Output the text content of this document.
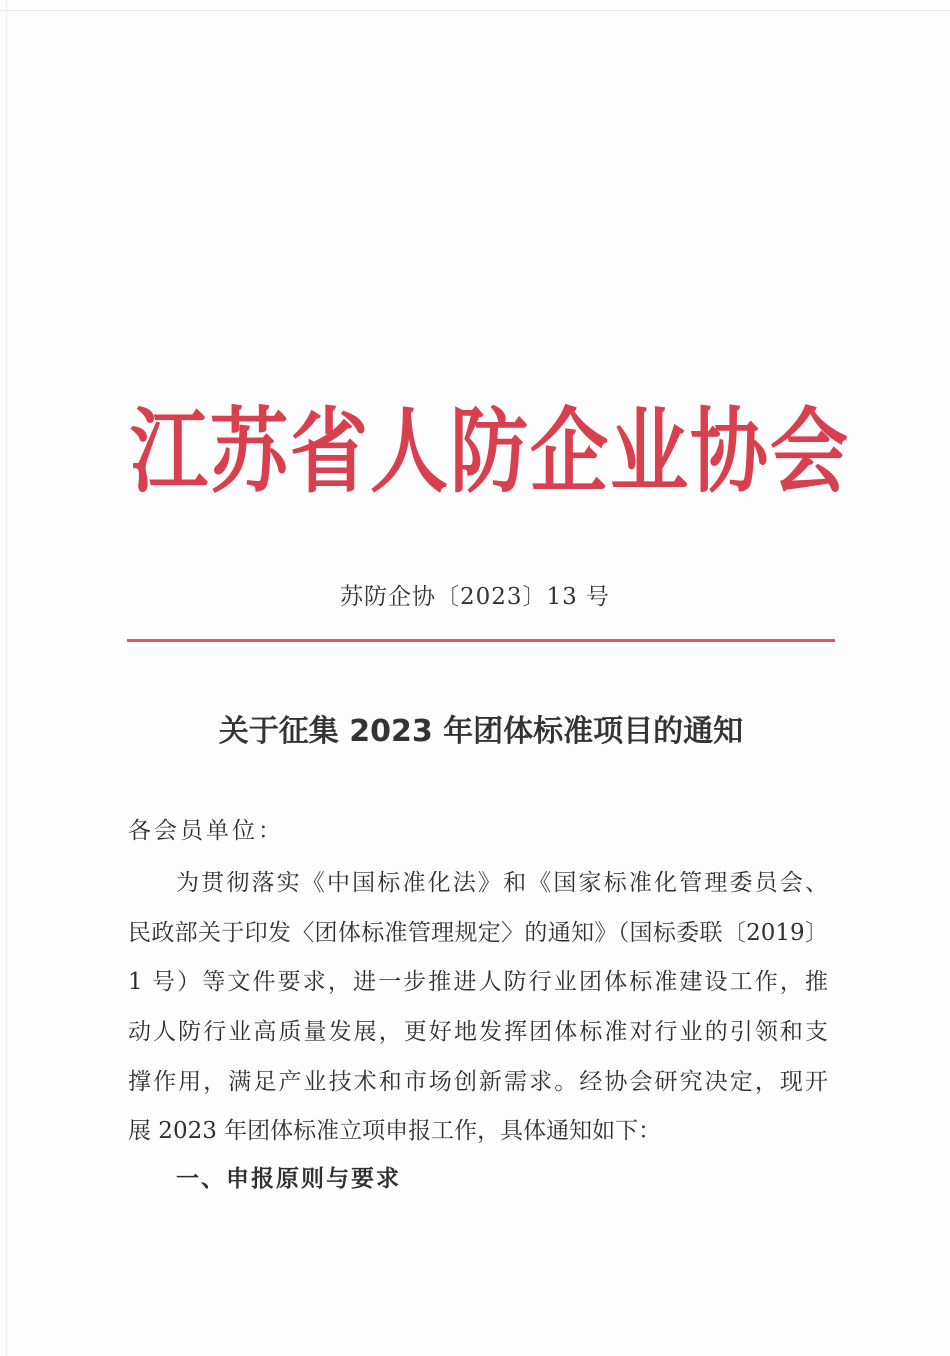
江苏省人防企业协会
苏防企协〔2023〕13 号
关于征集 2023 年团体标准项目的通知
各会员单位：
为贯彻落实《中国标准化法》和《国家标准化管理委员会、
民政部关于印发〈团体标准管理规定〉的通知》（国标委联〔2019〕
1 号）等文件要求，进一步推进人防行业团体标准建设工作，推
动人防行业高质量发展，更好地发挥团体标准对行业的引领和支
撑作用，满足产业技术和市场创新需求。经协会研究决定，现开
展 2023 年团体标准立项申报工作，具体通知如下：
一、申报原则与要求
